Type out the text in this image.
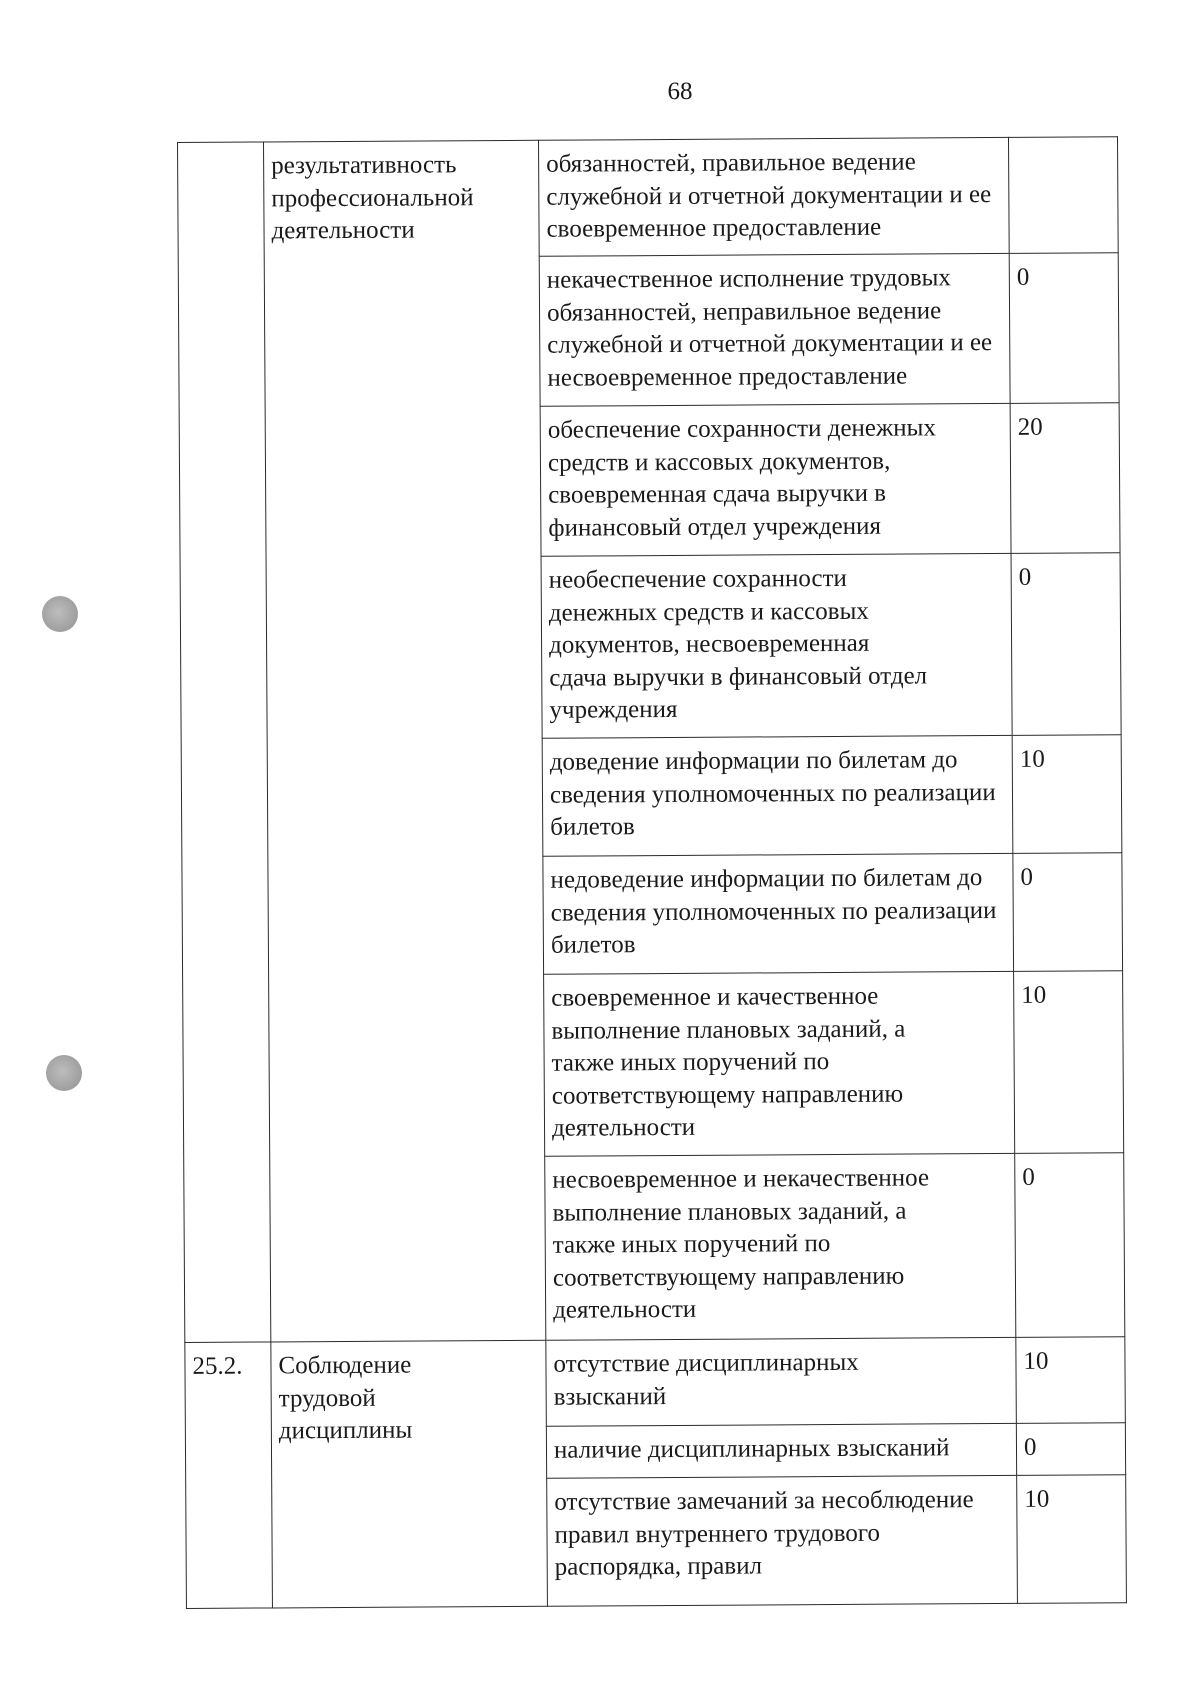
68

	результативность профессиональной деятельности	обязанностей, правильное ведение служебной и отчетной документации и ее своевременное предоставление	

		некачественное исполнение трудовых обязанностей, неправильное ведение служебной и отчетной документации и ее несвоевременное предоставление	0

		обеспечение сохранности денежных средств и кассовых документов, своевременная сдача выручки в финансовый отдел учреждения	20

		необеспечение сохранности денежных средств и кассовых документов, несвоевременная сдача выручки в финансовый отдел учреждения	0

		доведение информации по билетам до сведения уполномоченных по реализации билетов	10

		недоведение информации по билетам до сведения уполномоченных по реализации билетов	0

		своевременное и качественное выполнение плановых заданий, а также иных поручений по соответствующему направлению деятельности	10

		несвоевременное и некачественное выполнение плановых заданий, а также иных поручений по соответствующему направлению деятельности	0
25.2.	Соблюдение трудовой дисциплины	отсутствие дисциплинарных взысканий	10

		наличие дисциплинарных взысканий	0

		отсутствие замечаний за несоблюдение правил внутреннего трудового распорядка, правил	10
